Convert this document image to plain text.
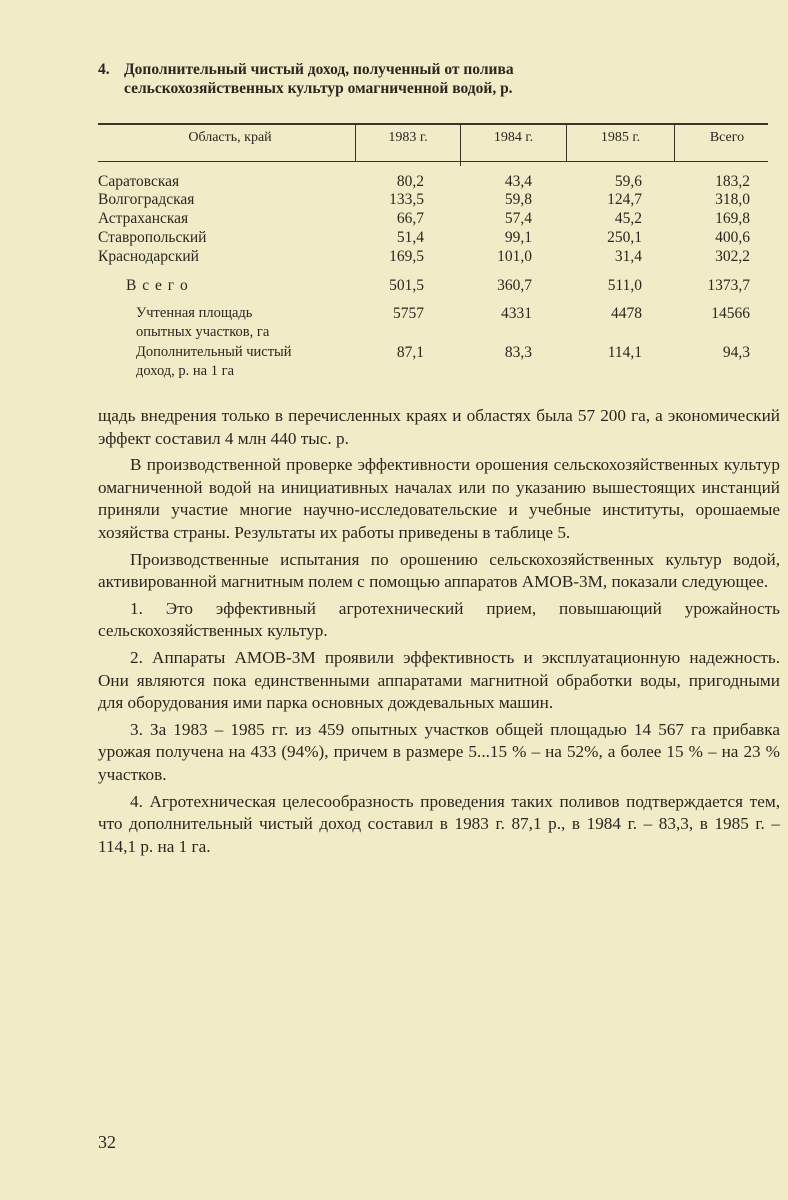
4. Дополнительный чистый доход, полученный от полива
сельскохозяйственных культур омагниченной водой, р.
Область, край	1983 г.	1984 г.	1985 г.	Всего
Саратовская	80,2	43,4	59,6	183,2
Волгоградская	133,5	59,8	124,7	318,0
Астраханская	66,7	57,4	45,2	169,8
Ставропольский	51,4	99,1	250,1	400,6
Краснодарский	169,5	101,0	31,4	302,2
В с е г о	501,5	360,7	511,0	1373,7
Учтенная площадь
опытных участков, га
5757	4331	4478	14566
Дополнительный чистый
доход, р. на 1 га
87,1	83,3	114,1	94,3

щадь внедрения только в перечисленных краях и областях была 57 200 га, а экономический эффект составил 4 млн 440 тыс. р.

В производственной проверке эффективности орошения сельскохозяйственных культур омагниченной водой на инициативных началах или по указанию вышестоящих инстанций приняли участие многие научно-исследовательские и учебные институты, орошаемые хозяйства страны. Результаты их работы приведены в таблице 5.

Производственные испытания по орошению сельскохозяйственных культур водой, активированной магнитным полем с помощью аппаратов АМОВ-3М, показали следующее.

1. Это эффективный агротехнический прием, повышающий урожайность сельскохозяйственных культур.

2. Аппараты АМОВ-3М проявили эффективность и эксплуатационную надежность. Они являются пока единственными аппаратами магнитной обработки воды, пригодными для оборудования ими парка основных дождевальных машин.

3. За 1983 – 1985 гг. из 459 опытных участков общей площадью 14 567 га прибавка урожая получена на 433 (94%), причем в размере 5...15 % – на 52%, а более 15 % – на 23 % участков.

4. Агротехническая целесообразность проведения таких поливов подтверждается тем, что дополнительный чистый доход составил в 1983 г. 87,1 р., в 1984 г. – 83,3, в 1985 г. – 114,1 р. на 1 га.

32
